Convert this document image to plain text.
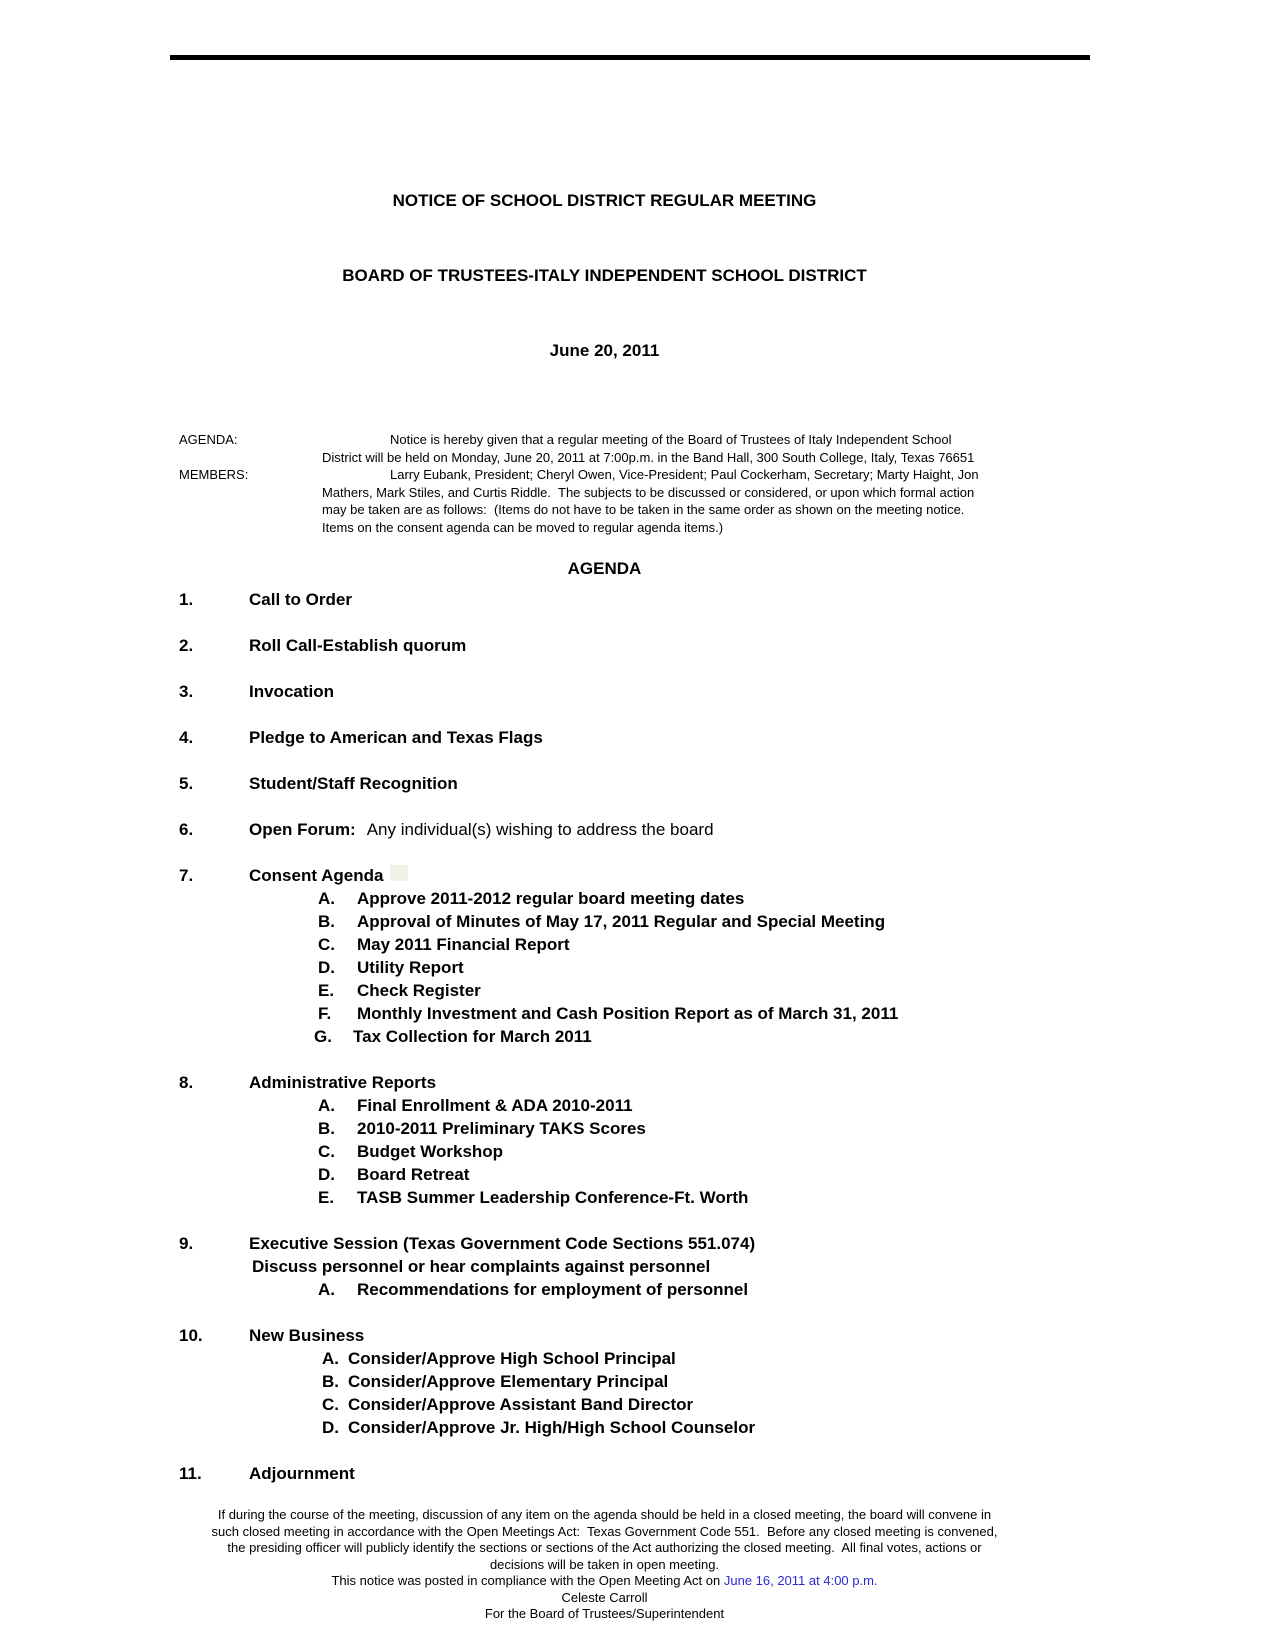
NOTICE OF SCHOOL DISTRICT REGULAR MEETING

BOARD OF TRUSTEES-ITALY INDEPENDENT SCHOOL DISTRICT

June 20, 2011

AGENDA:	Notice is hereby given that a regular meeting of the Board of Trustees of Italy Independent School
District will be held on Monday, June 20, 2011 at 7:00p.m. in the Band Hall, 300 South College, Italy, Texas 76651
MEMBERS:	Larry Eubank, President; Cheryl Owen, Vice-President; Paul Cockerham, Secretary; Marty Haight, Jon
Mathers, Mark Stiles, and Curtis Riddle.  The subjects to be discussed or considered, or upon which formal action
may be taken are as follows:  (Items do not have to be taken in the same order as shown on the meeting notice.
Items on the consent agenda can be moved to regular agenda items.)
AGENDA
1.	Call to Order
2.	Roll Call-Establish quorum
3.	Invocation
4.	Pledge to American and Texas Flags
5.	Student/Staff Recognition
6.	Open Forum: Any individual(s) wishing to address the board
7.	Consent Agenda
A.	Approve 2011-2012 regular board meeting dates
B.	Approval of Minutes of May 17, 2011 Regular and Special Meeting
C.	May 2011 Financial Report
D.	Utility Report
E.	Check Register
F.	Monthly Investment and Cash Position Report as of March 31, 2011
G.	Tax Collection for March 2011
8.	Administrative Reports
A.	Final Enrollment & ADA 2010-2011
B.	2010-2011 Preliminary TAKS Scores
C.	Budget Workshop
D.	Board Retreat
E.	TASB Summer Leadership Conference-Ft. Worth
9.	Executive Session (Texas Government Code Sections 551.074)
Discuss personnel or hear complaints against personnel
A.	Recommendations for employment of personnel
10.	New Business
A. Consider/Approve High School Principal
B. Consider/Approve Elementary Principal
C. Consider/Approve Assistant Band Director
D. Consider/Approve Jr. High/High School Counselor
11.	Adjournment
If during the course of the meeting, discussion of any item on the agenda should be held in a closed meeting, the board will convene in
such closed meeting in accordance with the Open Meetings Act:  Texas Government Code 551.  Before any closed meeting is convened,
the presiding officer will publicly identify the sections or sections of the Act authorizing the closed meeting.  All final votes, actions or
decisions will be taken in open meeting.
This notice was posted in compliance with the Open Meeting Act on June 16, 2011 at 4:00 p.m.
Celeste Carroll
For the Board of Trustees/Superintendent
